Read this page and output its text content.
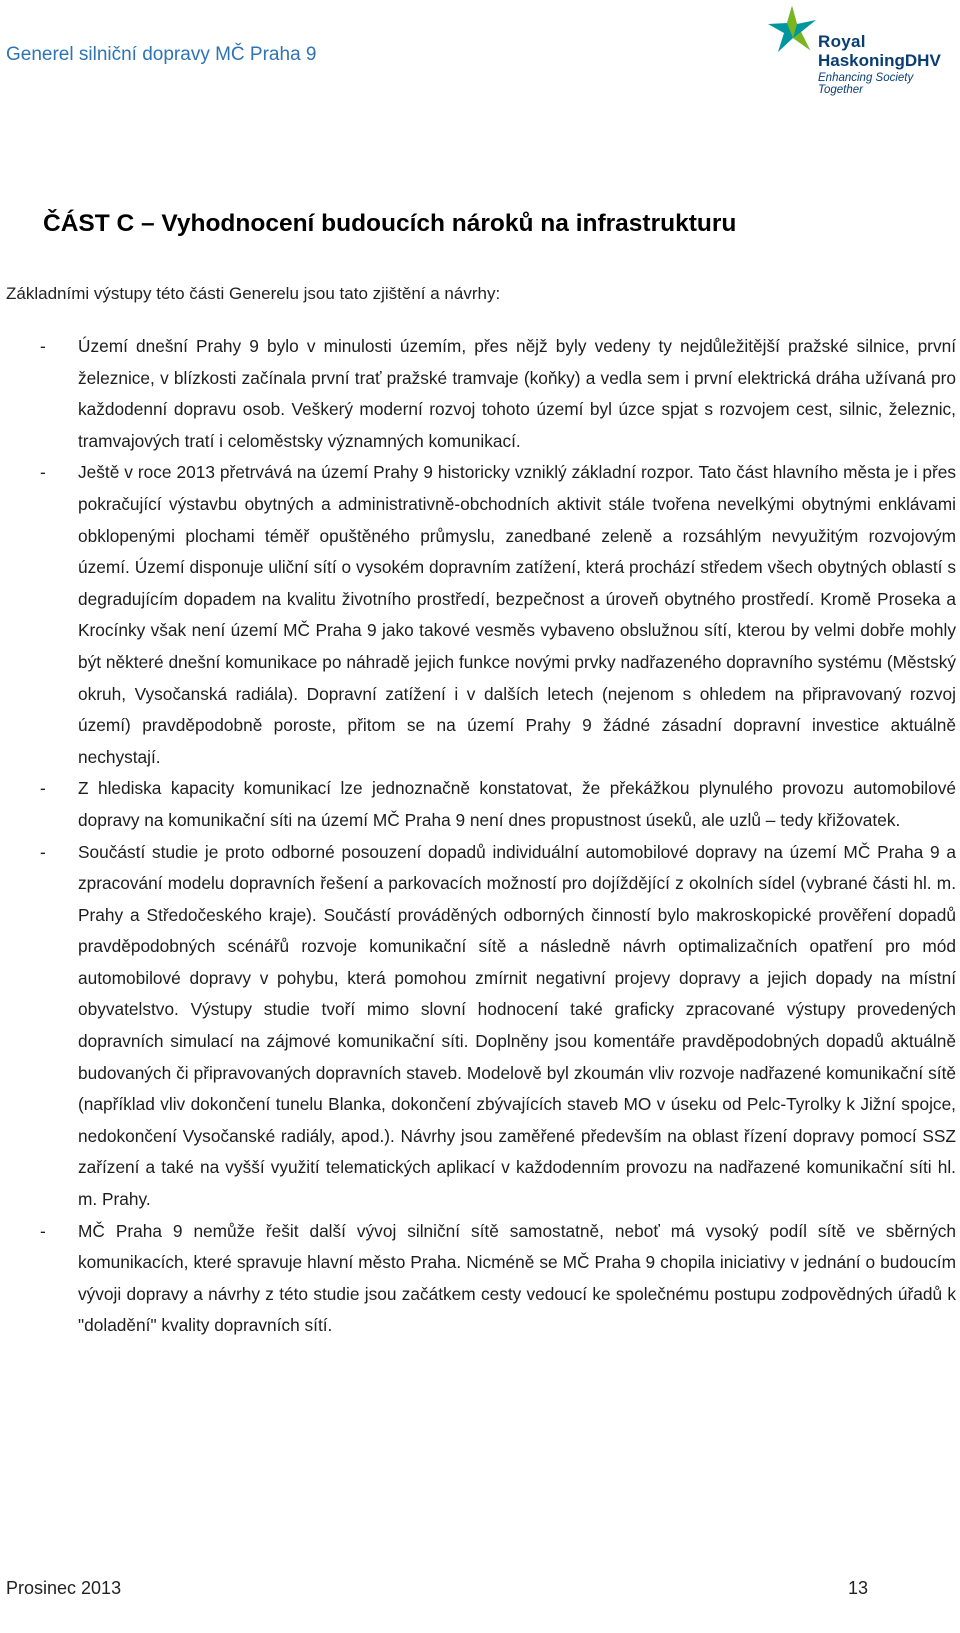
Generel silniční dopravy MČ Praha 9
Royal
HaskoningDHV
Enhancing Society Together
ČÁST C – Vyhodnocení budoucích nároků na infrastrukturu

Základními výstupy této části Generelu jsou tato zjištění a návrhy:

- Území dnešní Prahy 9 bylo v minulosti územím, přes nějž byly vedeny ty nejdůležitější pražské silnice, první železnice, v blízkosti začínala první trať pražské tramvaje (koňky) a vedla sem i první elektrická dráha užívaná pro každodenní dopravu osob. Veškerý moderní rozvoj tohoto území byl úzce spjat s rozvojem cest, silnic, železnic, tramvajových tratí i celoměstsky významných komunikací.

- Ještě v roce 2013 přetrvává na území Prahy 9 historicky vzniklý základní rozpor. Tato část hlavního města je i přes pokračující výstavbu obytných a administrativně-obchodních aktivit stále tvořena nevelkými obytnými enklávami obklopenými plochami téměř opuštěného průmyslu, zanedbané zeleně a rozsáhlým nevyužitým rozvojovým území. Území disponuje uliční sítí o vysokém dopravním zatížení, která prochází středem všech obytných oblastí s degradujícím dopadem na kvalitu životního prostředí, bezpečnost a úroveň obytného prostředí. Kromě Proseka a Krocínky však není území MČ Praha 9 jako takové vesměs vybaveno obslužnou sítí, kterou by velmi dobře mohly být některé dnešní komunikace po náhradě jejich funkce novými prvky nadřazeného dopravního systému (Městský okruh, Vysočanská radiála). Dopravní zatížení i v dalších letech (nejenom s ohledem na připravovaný rozvoj území) pravděpodobně poroste, přitom se na území Prahy 9 žádné zásadní dopravní investice aktuálně nechystají.

- Z hlediska kapacity komunikací lze jednoznačně konstatovat, že překážkou plynulého provozu automobilové dopravy na komunikační síti na území MČ Praha 9 není dnes propustnost úseků, ale uzlů – tedy křižovatek.

- Součástí studie je proto odborné posouzení dopadů individuální automobilové dopravy na území MČ Praha 9 a zpracování modelu dopravních řešení a parkovacích možností pro dojíždějící z okolních sídel (vybrané části hl. m. Prahy a Středočeského kraje). Součástí prováděných odborných činností bylo makroskopické prověření dopadů pravděpodobných scénářů rozvoje komunikační sítě a následně návrh optimalizačních opatření pro mód automobilové dopravy v pohybu, která pomohou zmírnit negativní projevy dopravy a jejich dopady na místní obyvatelstvo. Výstupy studie tvoří mimo slovní hodnocení také graficky zpracované výstupy provedených dopravních simulací na zájmové komunikační síti. Doplněny jsou komentáře pravděpodobných dopadů aktuálně budovaných či připravovaných dopravních staveb. Modelově byl zkoumán vliv rozvoje nadřazené komunikační sítě (například vliv dokončení tunelu Blanka, dokončení zbývajících staveb MO v úseku od Pelc-Tyrolky k Jižní spojce, nedokončení Vysočanské radiály, apod.). Návrhy jsou zaměřené především na oblast řízení dopravy pomocí SSZ zařízení a také na vyšší využití telematických aplikací v každodenním provozu na nadřazené komunikační síti hl. m. Prahy.

- MČ Praha 9 nemůže řešit další vývoj silniční sítě samostatně, neboť má vysoký podíl sítě ve sběrných komunikacích, které spravuje hlavní město Praha. Nicméně se MČ Praha 9 chopila iniciativy v jednání o budoucím vývoji dopravy a návrhy z této studie jsou začátkem cesty vedoucí ke společnému postupu zodpovědných úřadů k "doladění" kvality dopravních sítí.

Prosinec 2013	13
